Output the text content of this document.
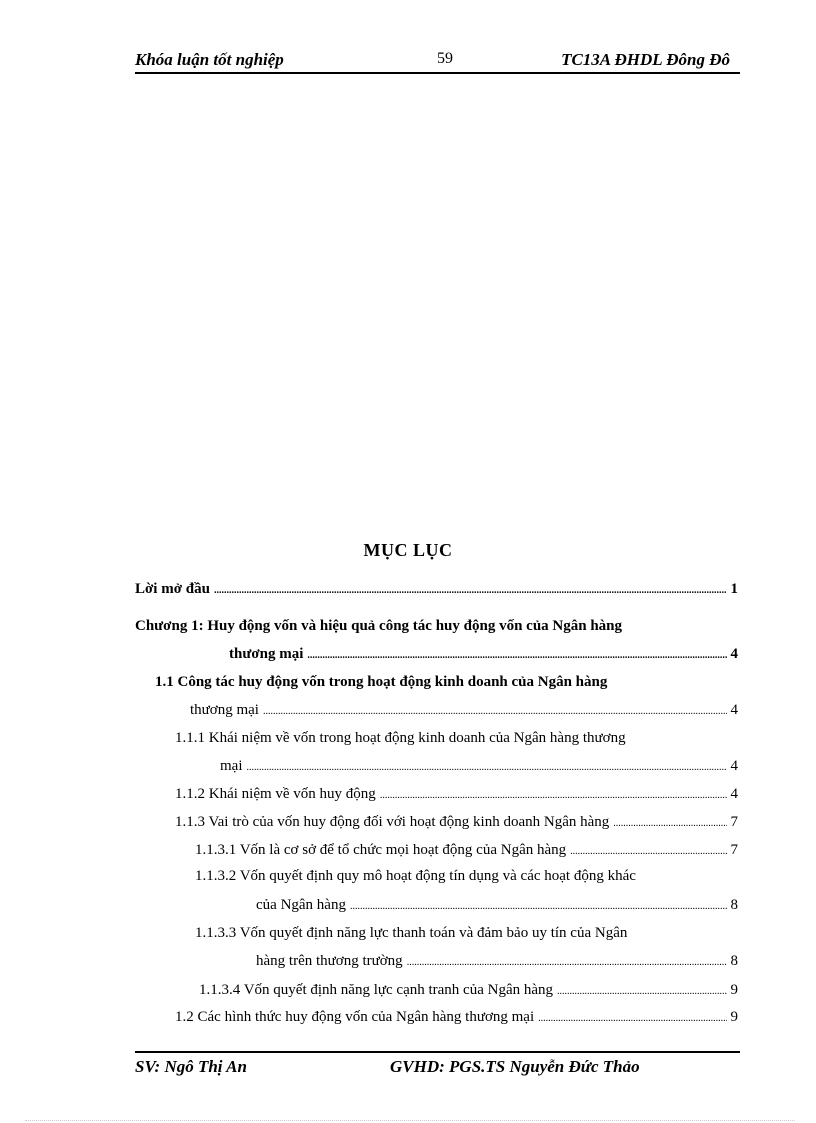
Khóa luận tốt nghiệp	59	TC13A ĐHDL Đông Đô
MỤC LỤC
Lời mở đầu .....	1
Chương 1: Huy động vốn và hiệu quả công tác huy động vốn của Ngân hàng
thương mại .....	4
1.1 Công tác huy động vốn trong hoạt động kinh doanh của Ngân hàng
thương mại .....	4
1.1.1 Khái niệm về vốn trong hoạt động kinh doanh của Ngân hàng thương
mại .....	4
1.1.2 Khái niệm về vốn huy động .....	4
1.1.3 Vai trò của vốn huy động đối với hoạt động kinh doanh Ngân hàng .....	7
1.1.3.1 Vốn là cơ sở để tổ chức mọi hoạt động của Ngân hàng .....	7
1.1.3.2 Vốn quyết định quy mô hoạt động tín dụng và các hoạt động khác
của Ngân hàng .....	8
1.1.3.3 Vốn quyết định năng lực thanh toán và đảm bảo uy tín của Ngân
hàng trên thương trường .....	8
1.1.3.4 Vốn quyết định năng lực cạnh tranh của Ngân hàng .....	9
1.2 Các hình thức huy động vốn của Ngân hàng thương mại .....	9
SV: Ngô Thị An	GVHD: PGS.TS Nguyễn Đức Thảo
